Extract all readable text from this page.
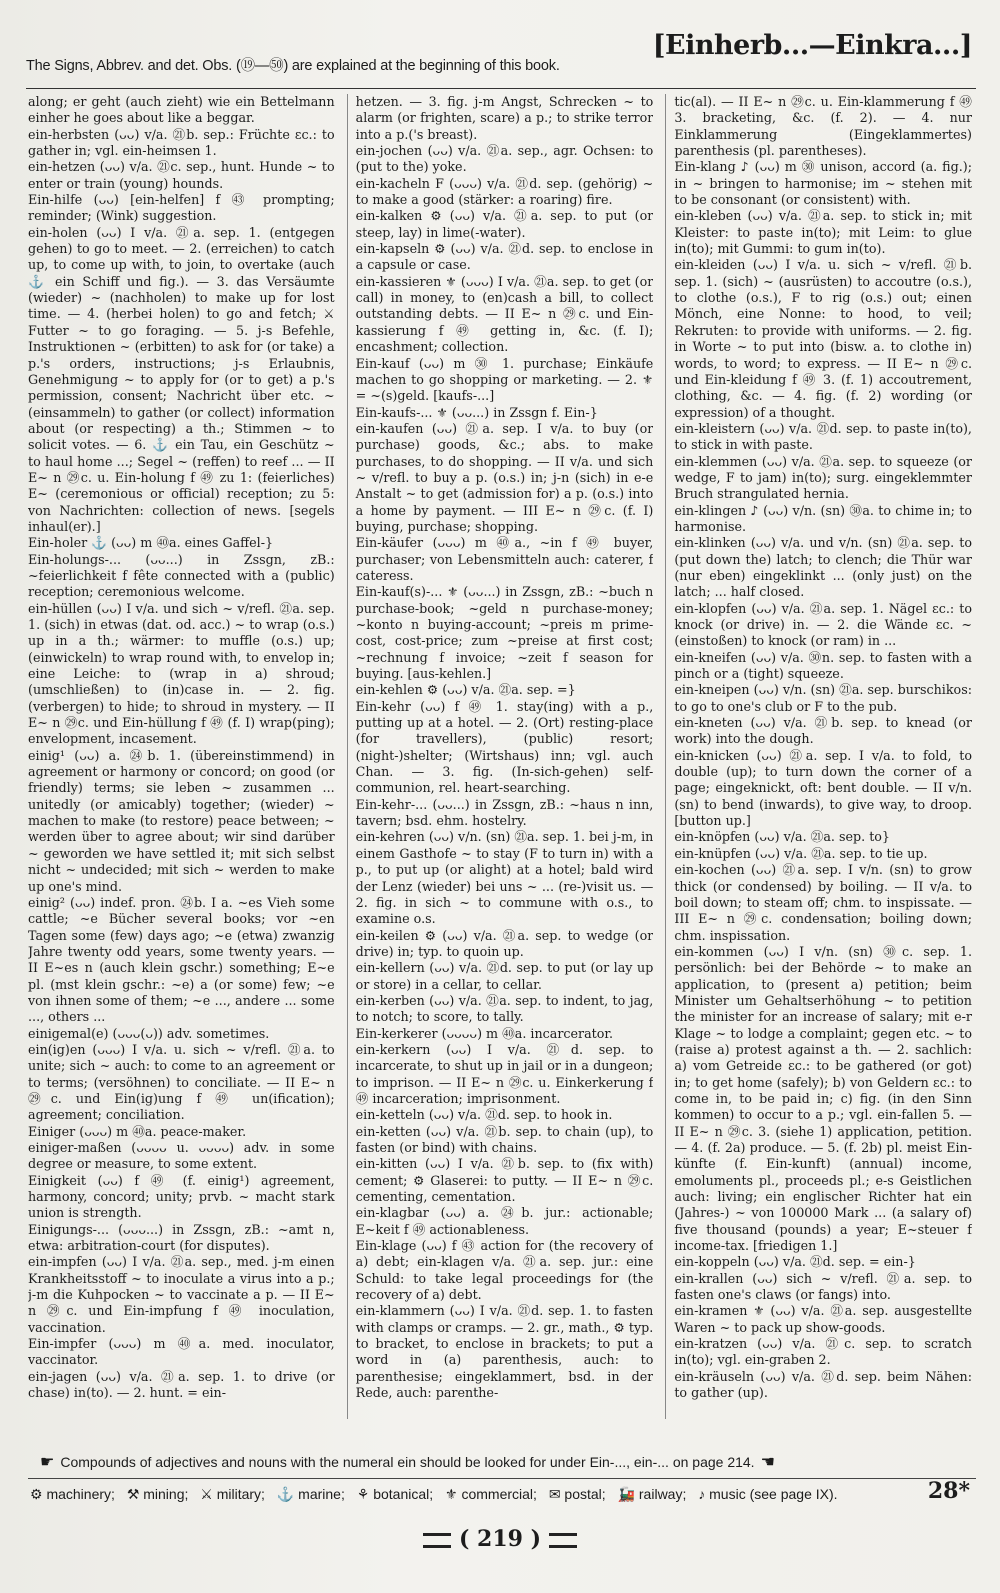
The Signs, Abbrev. and det. Obs. (⑲—㊿) are explained at the beginning of this book.
[Einherb...—Einkra...]

along; er geht (auch zieht) wie ein Bettelmann einher he goes about like a beggar.

ein-herbsten (ᴗᴗ) v/a. ㉑b. sep.: Früchte ɛc.: to gather in; vgl. ein-heimsen 1.

ein-hetzen (ᴗᴗ) v/a. ㉑c. sep., hunt. Hunde ~ to enter or train (young) hounds.

Ein-hilfe (ᴗᴗ) [ein-helfen] f ㊸ prompting; reminder; (Wink) suggestion.

ein-holen (ᴗᴗ) I v/a. ㉑a. sep. 1. (entgegen gehen) to go to meet. — 2. (erreichen) to catch up, to come up with, to join, to overtake (auch ⚓ ein Schiff und fig.). — 3. das Versäumte (wieder) ~ (nachholen) to make up for lost time. — 4. (herbei holen) to go and fetch; ⚔ Futter ~ to go foraging. — 5. j-s Befehle, Instruktionen ~ (erbitten) to ask for (or take) a p.'s orders, instructions; j-s Erlaubnis, Genehmigung ~ to apply for (or to get) a p.'s permission, consent; Nachricht über etc. ~ (einsammeln) to gather (or collect) information about (or respecting) a th.; Stimmen ~ to solicit votes. — 6. ⚓ ein Tau, ein Geschütz ~ to haul home ...; Segel ~ (reffen) to reef ... — II E~ n ㉙c. u. Ein-holung f ㊾ zu 1: (feierliches) E~ (ceremonious or official) reception; zu 5: von Nachrichten: collection of news. [segels inhaul(er).]

Ein-holer ⚓ (ᴗᴗ) m ㊵a. eines Gaffel-}

Ein-holungs-... (ᴗᴗ...) in Zssgn, zB.: ~feierlichkeit f fête connected with a (public) reception; ceremonious welcome.

ein-hüllen (ᴗᴗ) I v/a. und sich ~ v/refl. ㉑a. sep. 1. (sich) in etwas (dat. od. acc.) ~ to wrap (o.s.) up in a th.; wärmer: to muffle (o.s.) up; (einwickeln) to wrap round with, to envelop in; eine Leiche: to (wrap in a) shroud; (umschließen) to (in)case in. — 2. fig. (verbergen) to hide; to shroud in mystery. — II E~ n ㉙c. und Ein-hüllung f ㊾ (f. I) wrap(ping); envelopment, incasement.

einig¹ (ᴗᴗ) a. ㉔b. 1. (übereinstimmend) in agreement or harmony or concord; on good (or friendly) terms; sie leben ~ zusammen ... unitedly (or amicably) together; (wieder) ~ machen to make (to restore) peace between; ~ werden über to agree about; wir sind darüber ~ geworden we have settled it; mit sich selbst nicht ~ undecided; mit sich ~ werden to make up one's mind.

einig² (ᴗᴗ) indef. pron. ㉔b. I a. ~es Vieh some cattle; ~e Bücher several books; vor ~en Tagen some (few) days ago; ~e (etwa) zwanzig Jahre twenty odd years, some twenty years. — II E~es n (auch klein gschr.) something; E~e pl. (mst klein gschr.: ~e) a (or some) few; ~e von ihnen some of them; ~e ..., andere ... some ..., others ...

einigemal(e) (ᴗᴗᴗ(ᴗ)) adv. sometimes.

ein(ig)en (ᴗᴗᴗ) I v/a. u. sich ~ v/refl. ㉑a. to unite; sich ~ auch: to come to an agreement or to terms; (versöhnen) to conciliate. — II E~ n ㉙c. und Ein(ig)ung f ㊾ un(ification); agreement; conciliation.

Einiger (ᴗᴗᴗ) m ㊵a. peace-maker.

einiger-maßen (ᴗᴗᴗᴗ u. ᴗᴗᴗᴗ) adv. in some degree or measure, to some extent.

Einigkeit (ᴗᴗ) f ㊾ (f. einig¹) agreement, harmony, concord; unity; prvb. ~ macht stark union is strength.

Einigungs-... (ᴗᴗᴗ...) in Zssgn, zB.: ~amt n, etwa: arbitration-court (for disputes).

ein-impfen (ᴗᴗ) I v/a. ㉑a. sep., med. j-m einen Krankheitsstoff ~ to inoculate a virus into a p.; j-m die Kuhpocken ~ to vaccinate a p. — II E~ n ㉙c. und Ein-impfung f ㊾ inoculation, vaccination.

Ein-impfer (ᴗᴗᴗ) m ㊵a. med. inoculator, vaccinator.

ein-jagen (ᴗᴗ) v/a. ㉑a. sep. 1. to drive (or chase) in(to). — 2. hunt. = ein-

hetzen. — 3. fig. j-m Angst, Schrecken ~ to alarm (or frighten, scare) a p.; to strike terror into a p.('s breast).

ein-jochen (ᴗᴗ) v/a. ㉑a. sep., agr. Ochsen: to (put to the) yoke.

ein-kacheln F (ᴗᴗᴗ) v/a. ㉑d. sep. (gehörig) ~ to make a good (stärker: a roaring) fire.

ein-kalken ⚙ (ᴗᴗ) v/a. ㉑a. sep. to put (or steep, lay) in lime(-water).

ein-kapseln ⚙ (ᴗᴗ) v/a. ㉑d. sep. to enclose in a capsule or case.

ein-kassieren ⚜ (ᴗᴗᴗ) I v/a. ㉑a. sep. to get (or call) in money, to (en)cash a bill, to collect outstanding debts. — II E~ n ㉙c. und Ein-kassierung f ㊾ getting in, &c. (f. I); encashment; collection.

Ein-kauf (ᴗᴗ) m ㉚ 1. purchase; Einkäufe machen to go shopping or marketing. — 2. ⚜ = ~(s)geld. [kaufs-...]

Ein-kaufs-... ⚜ (ᴗᴗ...) in Zssgn f. Ein-}

ein-kaufen (ᴗᴗ) ㉑a. sep. I v/a. to buy (or purchase) goods, &c.; abs. to make purchases, to do shopping. — II v/a. und sich ~ v/refl. to buy a p. (o.s.) in; j-n (sich) in e-e Anstalt ~ to get (admission for) a p. (o.s.) into a home by payment. — III E~ n ㉙c. (f. I) buying, purchase; shopping.

Ein-käufer (ᴗᴗᴗ) m ㊵a., ~in f ㊾ buyer, purchaser; von Lebensmitteln auch: caterer, f cateress.

Ein-kauf(s)-... ⚜ (ᴗᴗ...) in Zssgn, zB.: ~buch n purchase-book; ~geld n purchase-money; ~konto n buying-account; ~preis m prime-cost, cost-price; zum ~preise at first cost; ~rechnung f invoice; ~zeit f season for buying. [aus-kehlen.]

ein-kehlen ⚙ (ᴗᴗ) v/a. ㉑a. sep. =}

Ein-kehr (ᴗᴗ) f ㊾ 1. stay(ing) with a p., putting up at a hotel. — 2. (Ort) resting-place (for travellers), (public) resort; (night-)shelter; (Wirtshaus) inn; vgl. auch Chan. — 3. fig. (In-sich-gehen) self-communion, rel. heart-searching.

Ein-kehr-... (ᴗᴗ...) in Zssgn, zB.: ~haus n inn, tavern; bsd. ehm. hostelry.

ein-kehren (ᴗᴗ) v/n. (sn) ㉑a. sep. 1. bei j-m, in einem Gasthofe ~ to stay (F to turn in) with a p., to put up (or alight) at a hotel; bald wird der Lenz (wieder) bei uns ~ ... (re-)visit us. — 2. fig. in sich ~ to commune with o.s., to examine o.s.

ein-keilen ⚙ (ᴗᴗ) v/a. ㉑a. sep. to wedge (or drive) in; typ. to quoin up.

ein-kellern (ᴗᴗ) v/a. ㉑d. sep. to put (or lay up or store) in a cellar, to cellar.

ein-kerben (ᴗᴗ) v/a. ㉑a. sep. to indent, to jag, to notch; to score, to tally.

Ein-kerkerer (ᴗᴗᴗᴗ) m ㊵a. incarcerator.

ein-kerkern (ᴗᴗ) I v/a. ㉑d. sep. to incarcerate, to shut up in jail or in a dungeon; to imprison. — II E~ n ㉙c. u. Einkerkerung f ㊾ incarceration; imprisonment.

ein-ketteln (ᴗᴗ) v/a. ㉑d. sep. to hook in.

ein-ketten (ᴗᴗ) v/a. ㉑b. sep. to chain (up), to fasten (or bind) with chains.

ein-kitten (ᴗᴗ) I v/a. ㉑b. sep. to (fix with) cement; ⚙ Glaserei: to putty. — II E~ n ㉙c. cementing, cementation.

ein-klagbar (ᴗᴗ) a. ㉔b. jur.: actionable; E~keit f ㊾ actionableness.

Ein-klage (ᴗᴗ) f ㊸ action for (the recovery of a) debt; ein-klagen v/a. ㉑a. sep. jur.: eine Schuld: to take legal proceedings for (the recovery of a) debt.

ein-klammern (ᴗᴗ) I v/a. ㉑d. sep. 1. to fasten with clamps or cramps. — 2. gr., math., ⚙ typ. to bracket, to enclose in brackets; to put a word in (a) parenthesis, auch: to parenthesise; eingeklammert, bsd. in der Rede, auch: parenthe-

tic(al). — II E~ n ㉙c. u. Ein-klammerung f ㊾ 3. bracketing, &c. (f. 2). — 4. nur Einklammerung (Eingeklammertes) parenthesis (pl. parentheses).

Ein-klang ♪ (ᴗᴗ) m ㉚ unison, accord (a. fig.); in ~ bringen to harmonise; im ~ stehen mit to be consonant (or consistent) with.

ein-kleben (ᴗᴗ) v/a. ㉑a. sep. to stick in; mit Kleister: to paste in(to); mit Leim: to glue in(to); mit Gummi: to gum in(to).

ein-kleiden (ᴗᴗ) I v/a. u. sich ~ v/refl. ㉑b. sep. 1. (sich) ~ (ausrüsten) to accoutre (o.s.), to clothe (o.s.), F to rig (o.s.) out; einen Mönch, eine Nonne: to hood, to veil; Rekruten: to provide with uniforms. — 2. fig. in Worte ~ to put into (bisw. a. to clothe in) words, to word; to express. — II E~ n ㉙c. und Ein-kleidung f ㊾ 3. (f. 1) accoutrement, clothing, &c. — 4. fig. (f. 2) wording (or expression) of a thought.

ein-kleistern (ᴗᴗ) v/a. ㉑d. sep. to paste in(to), to stick in with paste.

ein-klemmen (ᴗᴗ) v/a. ㉑a. sep. to squeeze (or wedge, F to jam) in(to); surg. eingeklemmter Bruch strangulated hernia.

ein-klingen ♪ (ᴗᴗ) v/n. (sn) ㉚a. to chime in; to harmonise.

ein-klinken (ᴗᴗ) v/a. und v/n. (sn) ㉑a. sep. to (put down the) latch; to clench; die Thür war (nur eben) eingeklinkt ... (only just) on the latch; ... half closed.

ein-klopfen (ᴗᴗ) v/a. ㉑a. sep. 1. Nägel ɛc.: to knock (or drive) in. — 2. die Wände ɛc. ~ (einstoßen) to knock (or ram) in ...

ein-kneifen (ᴗᴗ) v/a. ㉚n. sep. to fasten with a pinch or a (tight) squeeze.

ein-kneipen (ᴗᴗ) v/n. (sn) ㉑a. sep. burschikos: to go to one's club or F to the pub.

ein-kneten (ᴗᴗ) v/a. ㉑b. sep. to knead (or work) into the dough.

ein-knicken (ᴗᴗ) ㉑a. sep. I v/a. to fold, to double (up); to turn down the corner of a page; eingeknickt, oft: bent double. — II v/n. (sn) to bend (inwards), to give way, to droop. [button up.]

ein-knöpfen (ᴗᴗ) v/a. ㉑a. sep. to}

ein-knüpfen (ᴗᴗ) v/a. ㉑a. sep. to tie up.

ein-kochen (ᴗᴗ) ㉑a. sep. I v/n. (sn) to grow thick (or condensed) by boiling. — II v/a. to boil down; to steam off; chm. to inspissate. — III E~ n ㉙c. condensation; boiling down; chm. inspissation.

ein-kommen (ᴗᴗ) I v/n. (sn) ㉚c. sep. 1. persönlich: bei der Behörde ~ to make an application, to (present a) petition; beim Minister um Gehaltserhöhung ~ to petition the minister for an increase of salary; mit e-r Klage ~ to lodge a complaint; gegen etc. ~ to (raise a) protest against a th. — 2. sachlich: a) vom Getreide ɛc.: to be gathered (or got) in; to get home (safely); b) von Geldern ɛc.: to come in, to be paid in; c) fig. (in den Sinn kommen) to occur to a p.; vgl. ein-fallen 5. — II E~ n ㉙c. 3. (siehe 1) application, petition. — 4. (f. 2a) produce. — 5. (f. 2b) pl. meist Ein-künfte (f. Ein-kunft) (annual) income, emoluments pl., proceeds pl.; e-s Geistlichen auch: living; ein englischer Richter hat ein (Jahres-) ~ von 100000 Mark ... (a salary of) five thousand (pounds) a year; E~steuer f income-tax. [friedigen 1.]

ein-koppeln (ᴗᴗ) v/a. ㉑d. sep. = ein-}

ein-krallen (ᴗᴗ) sich ~ v/refl. ㉑a. sep. to fasten one's claws (or fangs) into.

ein-kramen ⚜ (ᴗᴗ) v/a. ㉑a. sep. ausgestellte Waren ~ to pack up show-goods.

ein-kratzen (ᴗᴗ) v/a. ㉑c. sep. to scratch in(to); vgl. ein-graben 2.

ein-kräuseln (ᴗᴗ) v/a. ㉑d. sep. beim Nähen: to gather (up).

☛ Compounds of adjectives and nouns with the numeral ein should be looked for under Ein-..., ein-... on page 214. ☚
⚙ machinery; ⚒ mining; ⚔ military; ⚓ marine; ⚘ botanical; ⚜ commercial; ✉ postal; 🚂 railway; ♪ music (see page IX).	28*
( 219 )
